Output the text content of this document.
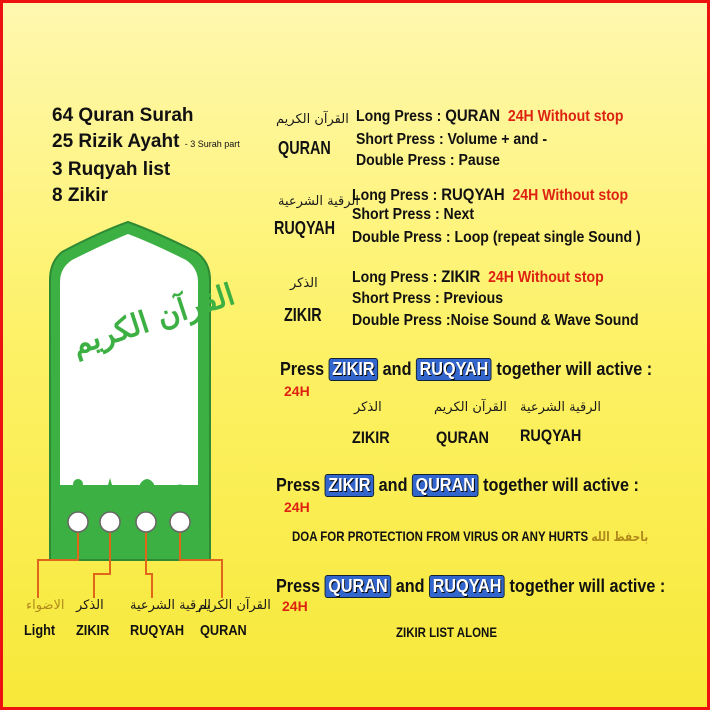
64 Quran Surah
25 Rizik Ayaht - 3 Surah part
3 Ruqyah list
8 Zikir
القرآن الكريم
الاضواء
Light
الذكر
ZIKIR
الرقية الشرعية
RUQYAH
القرآن الكريم
QURAN
القرآن الكريم
QURAN
Long Press : QURAN 24H Without stop
Short Press : Volume + and -
Double Press : Pause
الرقية الشرعية
RUQYAH
Long Press : RUQYAH 24H Without stop
Short Press : Next
Double Press : Loop (repeat single Sound )
الذكر
ZIKIR
Long Press : ZIKIR 24H Without stop
Short Press : Previous
Double Press :Noise Sound & Wave Sound
Press ZIKIR and RUQYAH together will active :
24H
الذكر
ZIKIR
القرآن الكريم
QURAN
الرقية الشرعية
RUQYAH
Press ZIKIR and QURAN together will active :
24H
DOA FOR PROTECTION FROM VIRUS OR ANY HURTS باحفظ الله
Press QURAN and RUQYAH together will active :
24H
ZIKIR LIST ALONE
